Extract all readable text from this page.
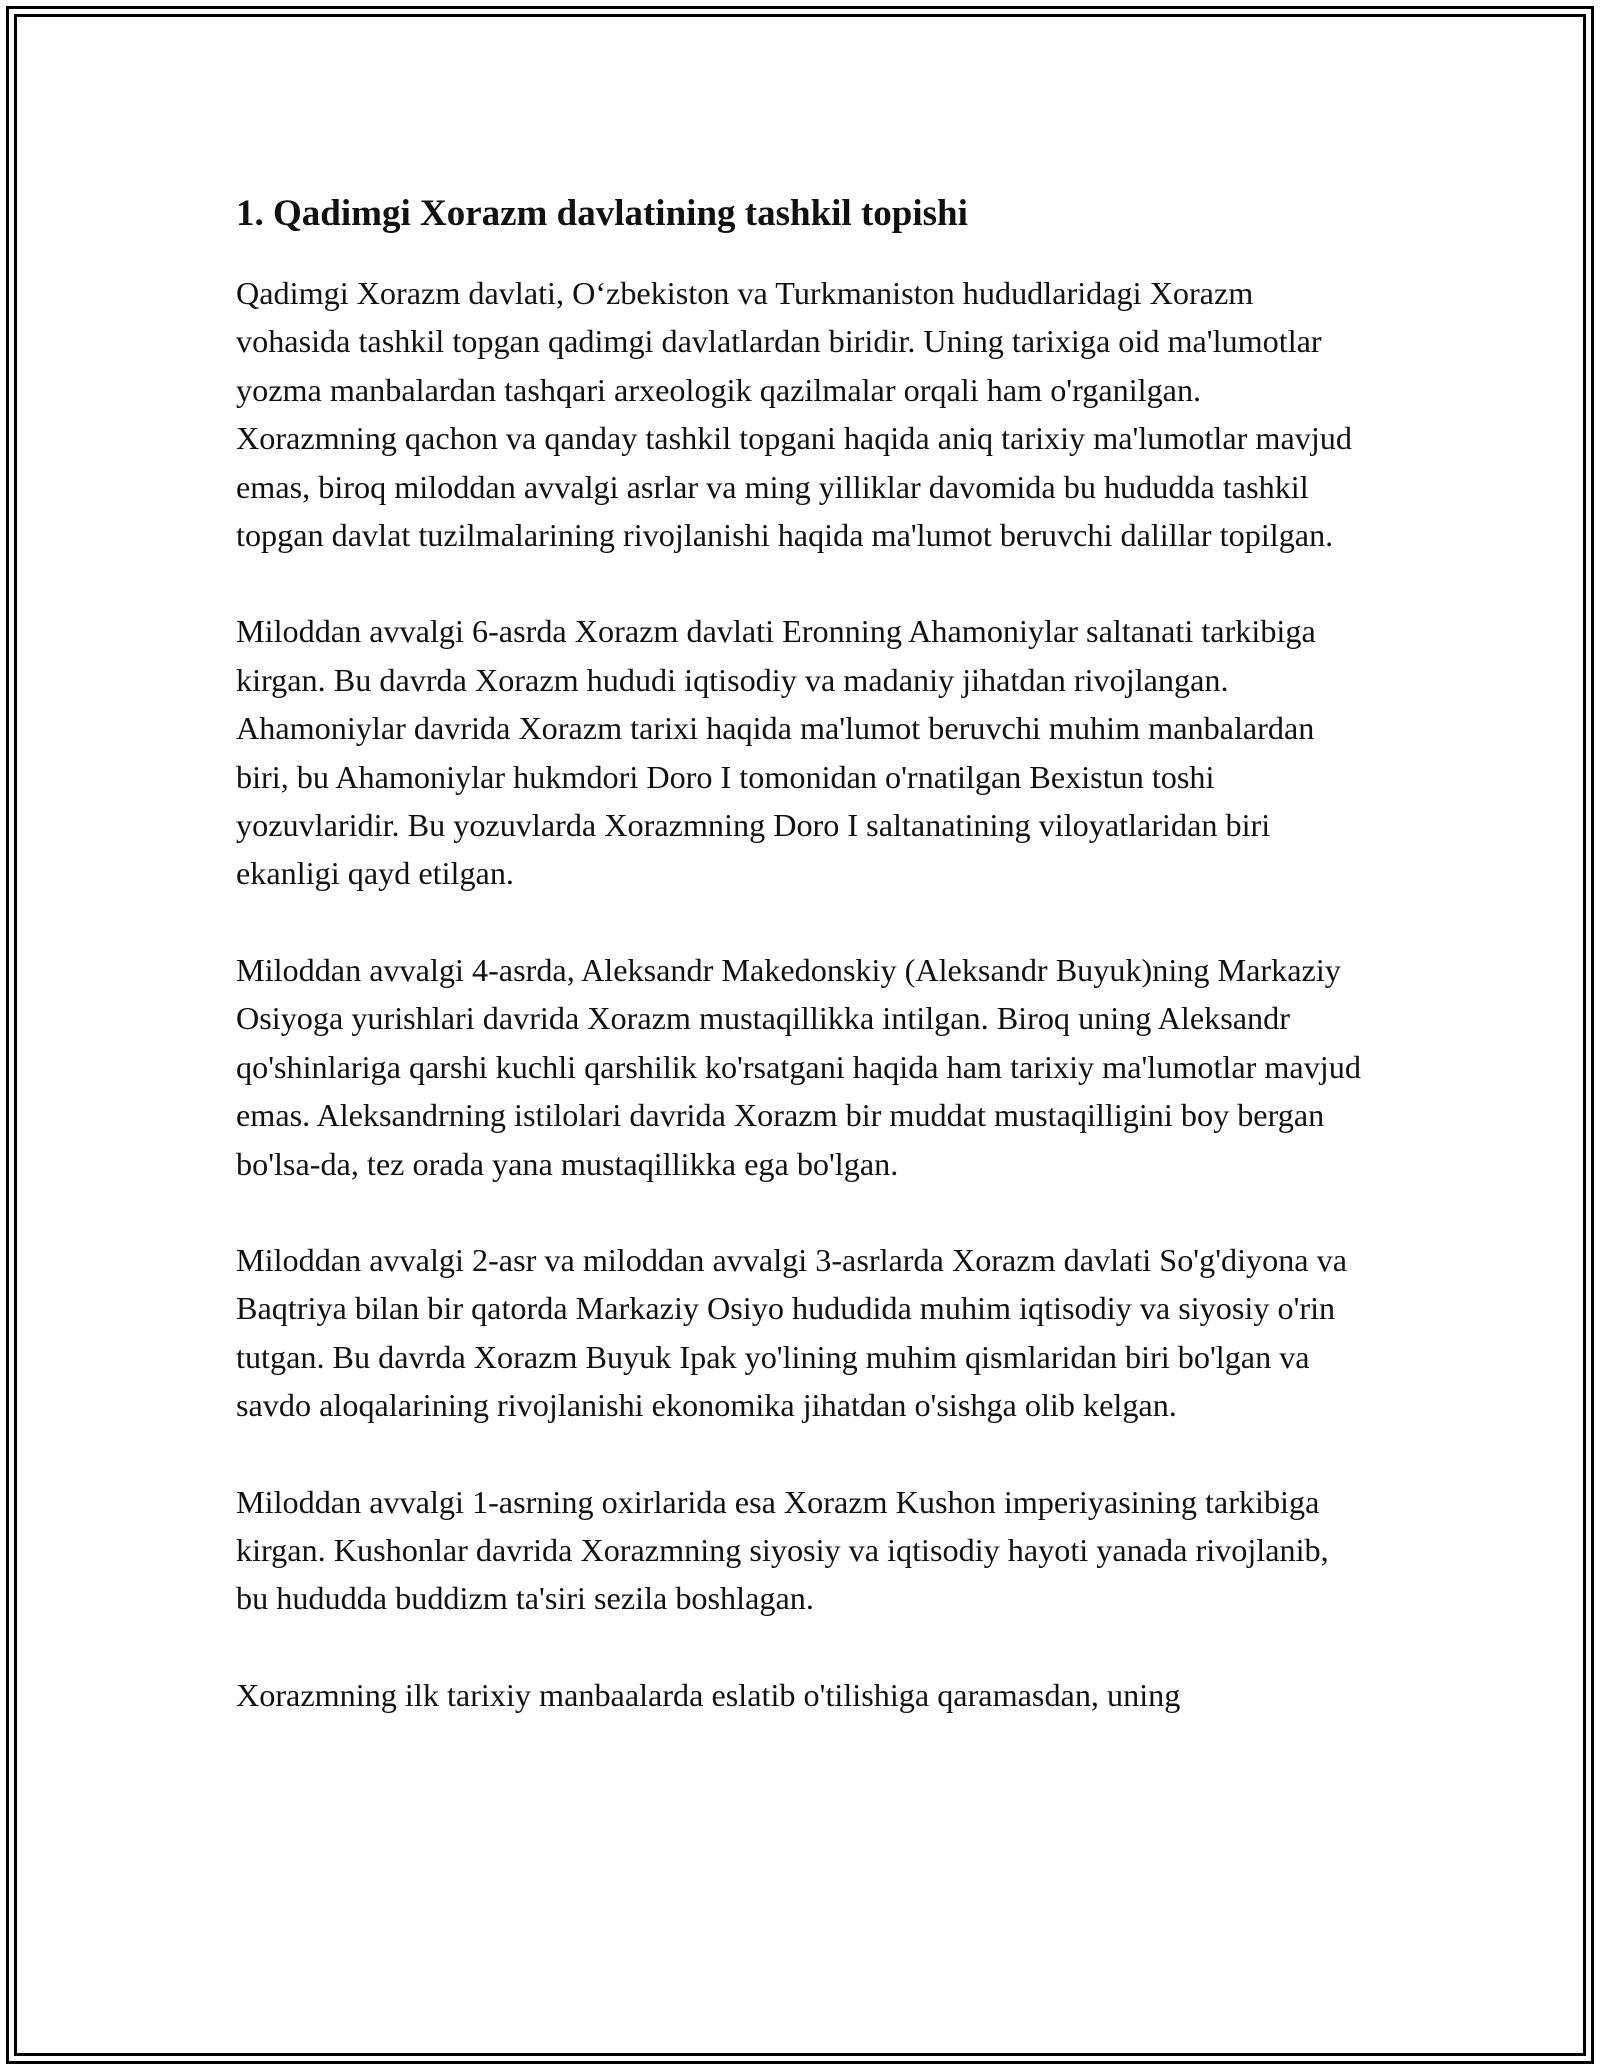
1. Qadimgi Xorazm davlatining tashkil topishi

Qadimgi Xorazm davlati, O‘zbekiston va Turkmaniston hududlaridagi Xorazm vohasida tashkil topgan qadimgi davlatlardan biridir. Uning tarixiga oid ma'lumotlar yozma manbalardan tashqari arxeologik qazilmalar orqali ham o'rganilgan. Xorazmning qachon va qanday tashkil topgani haqida aniq tarixiy ma'lumotlar mavjud emas, biroq miloddan avvalgi asrlar va ming yilliklar davomida bu hududda tashkil topgan davlat tuzilmalarining rivojlanishi haqida ma'lumot beruvchi dalillar topilgan.

Miloddan avvalgi 6-asrda Xorazm davlati Eronning Ahamoniylar saltanati tarkibiga kirgan. Bu davrda Xorazm hududi iqtisodiy va madaniy jihatdan rivojlangan. Ahamoniylar davrida Xorazm tarixi haqida ma'lumot beruvchi muhim manbalardan biri, bu Ahamoniylar hukmdori Doro I tomonidan o'rnatilgan Bexistun toshi yozuvlaridir. Bu yozuvlarda Xorazmning Doro I saltanatining viloyatlaridan biri ekanligi qayd etilgan.

Miloddan avvalgi 4-asrda, Aleksandr Makedonskiy (Aleksandr Buyuk)ning Markaziy Osiyoga yurishlari davrida Xorazm mustaqillikka intilgan. Biroq uning Aleksandr qo'shinlariga qarshi kuchli qarshilik ko'rsatgani haqida ham tarixiy ma'lumotlar mavjud emas. Aleksandrning istilolari davrida Xorazm bir muddat mustaqilligini boy bergan bo'lsa-da, tez orada yana mustaqillikka ega bo'lgan.

Miloddan avvalgi 2-asr va miloddan avvalgi 3-asrlarda Xorazm davlati So'g'diyona va Baqtriya bilan bir qatorda Markaziy Osiyo hududida muhim iqtisodiy va siyosiy o'rin tutgan. Bu davrda Xorazm Buyuk Ipak yo'lining muhim qismlaridan biri bo'lgan va savdo aloqalarining rivojlanishi ekonomika jihatdan o'sishga olib kelgan.

Miloddan avvalgi 1-asrning oxirlarida esa Xorazm Kushon imperiyasining tarkibiga kirgan. Kushonlar davrida Xorazmning siyosiy va iqtisodiy hayoti yanada rivojlanib, bu hududda buddizm ta'siri sezila boshlagan.

Xorazmning ilk tarixiy manbaalarda eslatib o'tilishiga qaramasdan, uning
